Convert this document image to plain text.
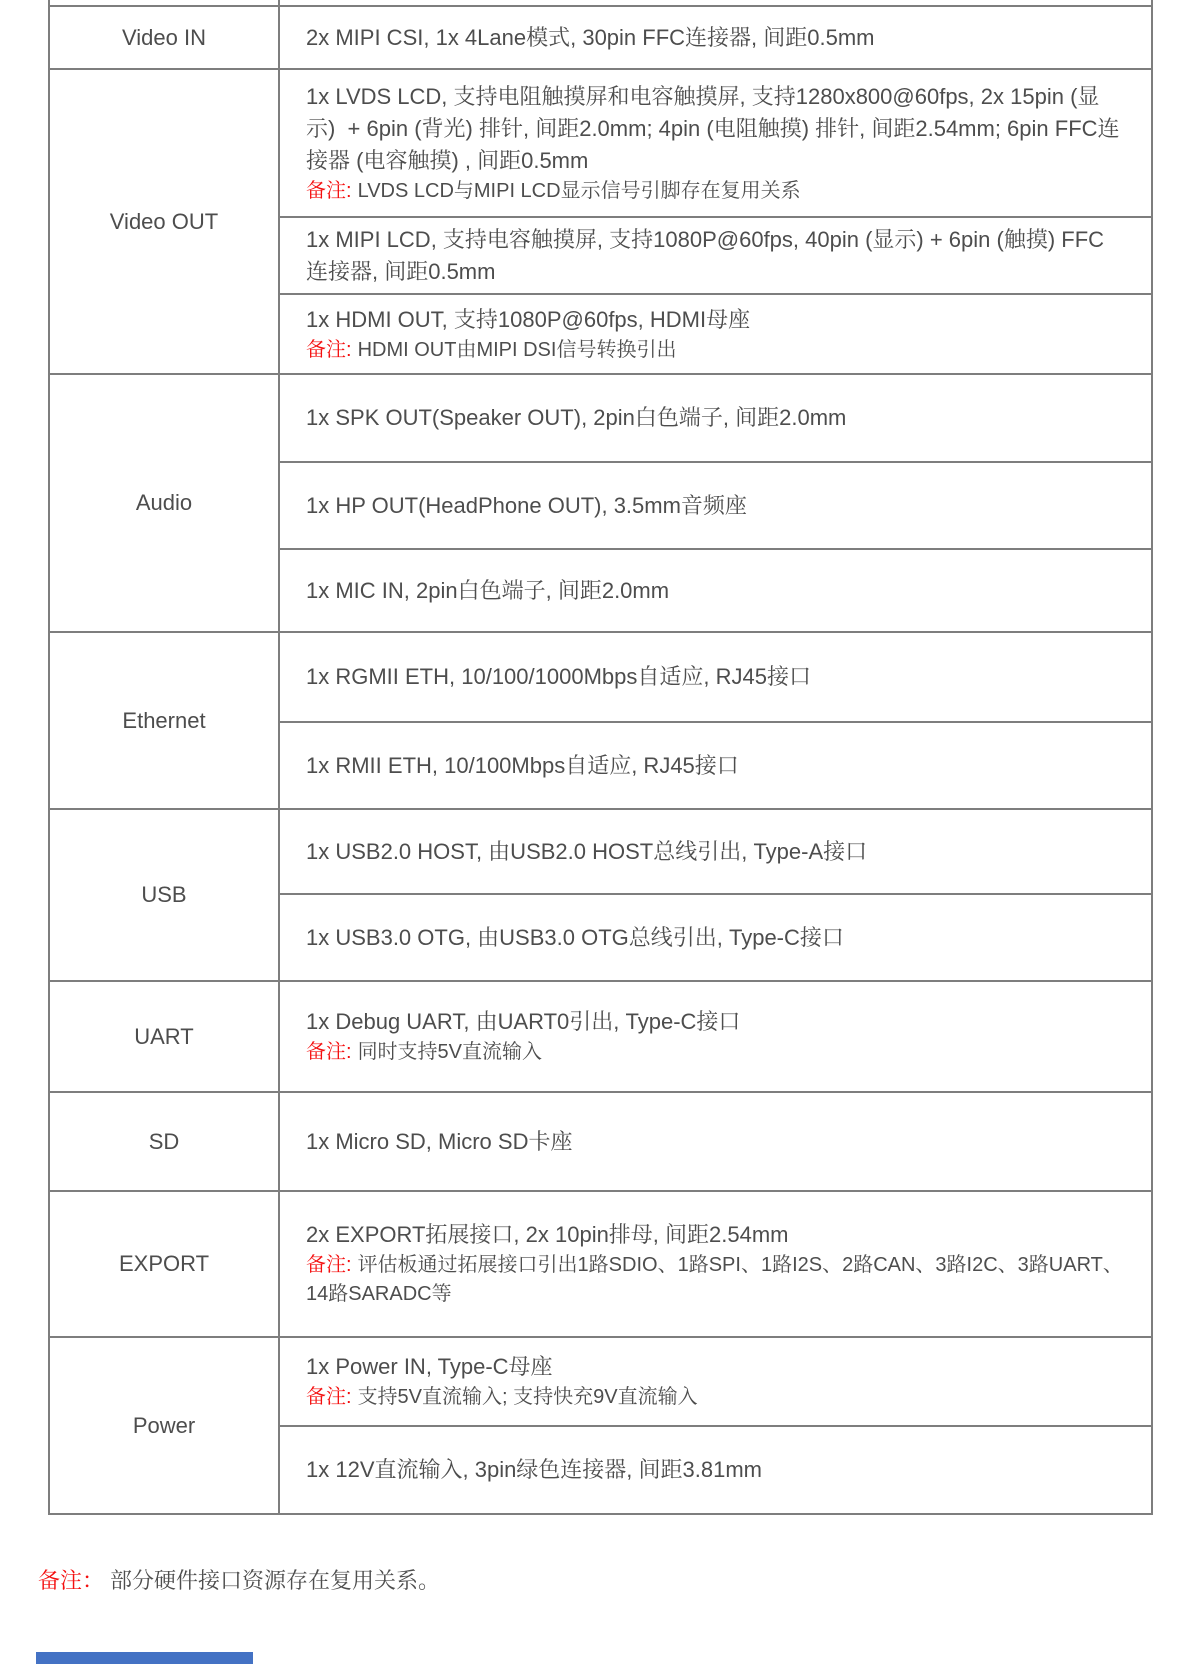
Video IN	2x MIPI CSI, 1x 4Lane模式, 30pin FFC连接器, 间距0.5mm

Video OUT	1x LVDS LCD, 支持电阻触摸屏和电容触摸屏, 支持1280x800@60fps, 2x 15pin (显示)  + 6pin (背光) 排针, 间距2.0mm; 4pin (电阻触摸) 排针, 间距2.54mm; 6pin FFC连接器 (电容触摸) , 间距0.5mm
备注: LVDS LCD与MIPI LCD显示信号引脚存在复用关系

	1x MIPI LCD, 支持电容触摸屏, 支持1080P@60fps, 40pin (显示) + 6pin (触摸) FFC连接器, 间距0.5mm

	1x HDMI OUT, 支持1080P@60fps, HDMI母座
备注: HDMI OUT由MIPI DSI信号转换引出

Audio	1x SPK OUT(Speaker OUT), 2pin白色端子, 间距2.0mm

	1x HP OUT(HeadPhone OUT), 3.5mm音频座

	1x MIC IN, 2pin白色端子, 间距2.0mm

Ethernet	1x RGMII ETH, 10/100/1000Mbps自适应, RJ45接口

	1x RMII ETH, 10/100Mbps自适应, RJ45接口

USB	1x USB2.0 HOST, 由USB2.0 HOST总线引出, Type-A接口

	1x USB3.0 OTG, 由USB3.0 OTG总线引出, Type-C接口

UART	1x Debug UART, 由UART0引出, Type-C接口
备注: 同时支持5V直流输入

SD	1x Micro SD, Micro SD卡座

EXPORT	2x EXPORT拓展接口, 2x 10pin排母, 间距2.54mm
备注: 评估板通过拓展接口引出1路SDIO、1路SPI、1路I2S、2路CAN、3路I2C、3路UART、14路SARADC等

Power	1x Power IN, Type-C母座
备注: 支持5V直流输入; 支持快充9V直流输入

	1x 12V直流输入, 3pin绿色连接器, 间距3.81mm
备注： 部分硬件接口资源存在复用关系。
